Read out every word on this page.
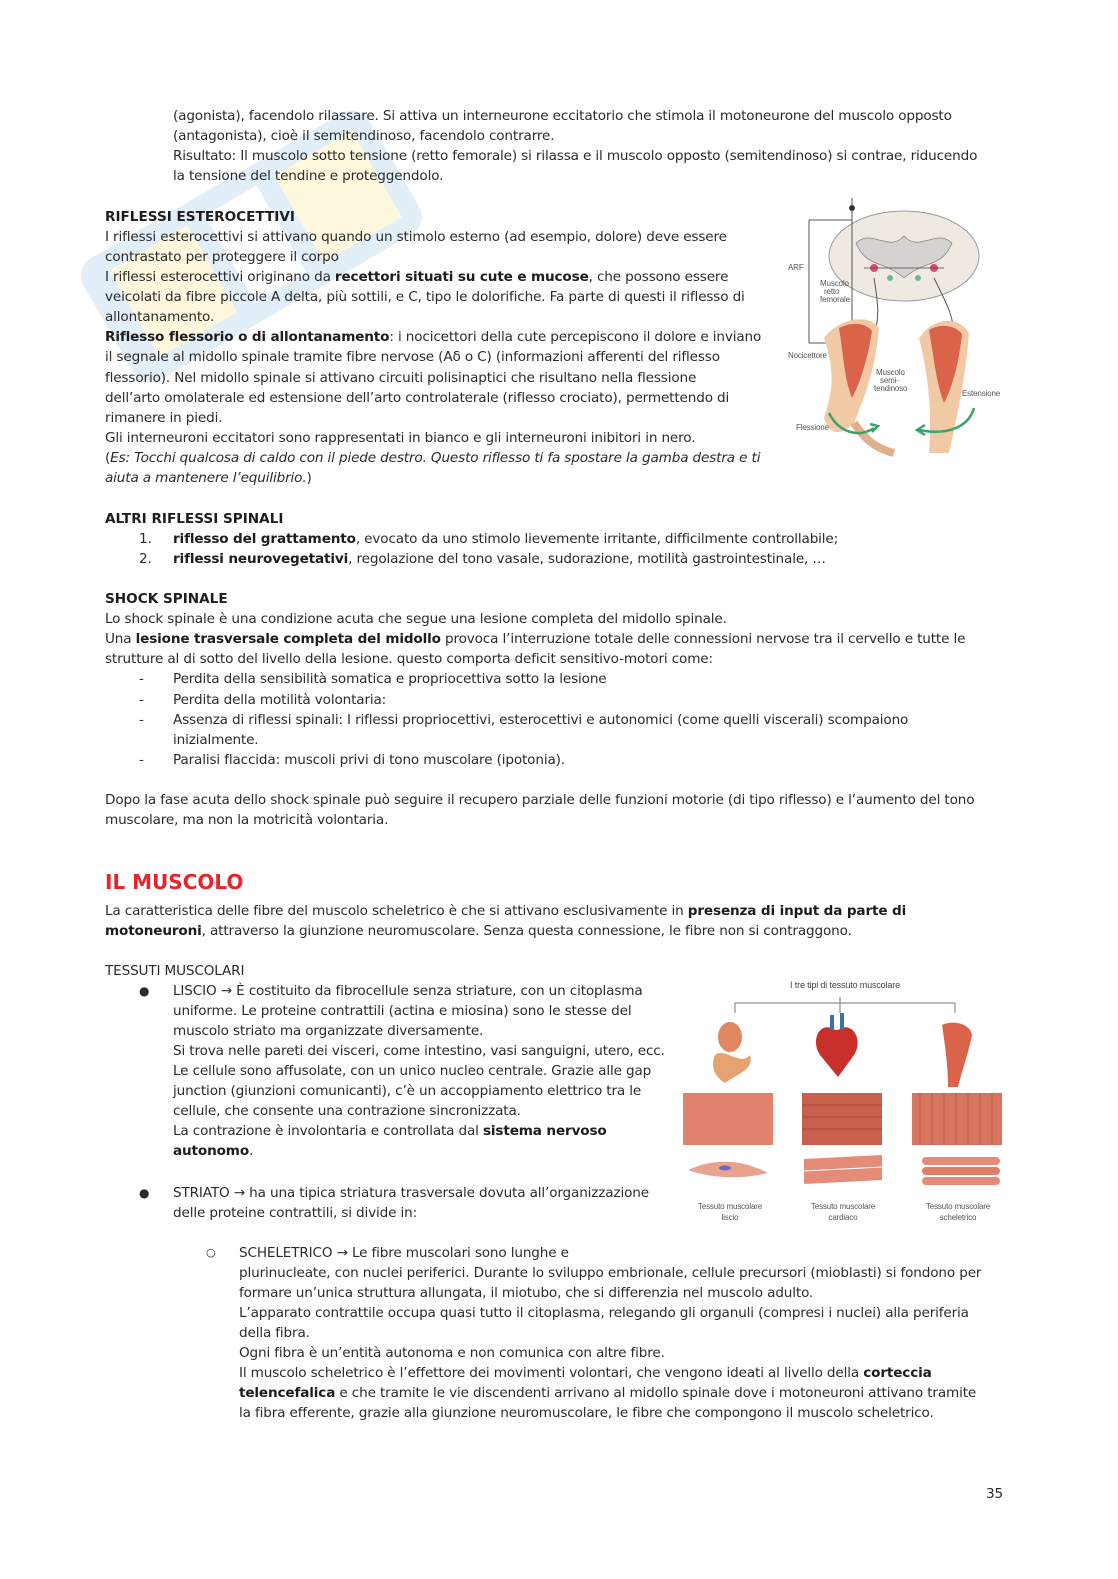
(agonista), facendolo rilassare. Si attiva un interneurone eccitatorio che stimola il motoneurone del muscolo opposto
(antagonista), cioè il semitendinoso, facendolo contrarre.
Risultato: Il muscolo sotto tensione (retto femorale) si rilassa e il muscolo opposto (semitendinoso) si contrae, riducendo
la tensione del tendine e proteggendolo.
RIFLESSI ESTEROCETTIVI
I riflessi esterocettivi si attivano quando un stimolo esterno (ad esempio, dolore) deve essere
contrastato per proteggere il corpo
I riflessi esterocettivi originano da recettori situati su cute e mucose, che possono essere
veicolati da fibre piccole A delta, più sottili, e C, tipo le dolorifiche. Fa parte di questi il riflesso di
allontanamento.
Riflesso flessorio o di allontanamento: i nocicettori della cute percepiscono il dolore e inviano
il segnale al midollo spinale tramite fibre nervose (Aδ o C) (informazioni afferenti del riflesso
flessorio). Nel midollo spinale si attivano circuiti polisinaptici che risultano nella flessione
dell’arto omolaterale ed estensione dell’arto controlaterale (riflesso crociato), permettendo di
rimanere in piedi.
Gli interneuroni eccitatori sono rappresentati in bianco e gli interneuroni inibitori in nero.
(Es: Tocchi qualcosa di caldo con il piede destro. Questo riflesso ti fa spostare la gamba destra e ti
aiuta a mantenere l’equilibrio.)
ARF
Muscolo
retto
femorale
Nocicettore
Muscolo
semi-
tendinoso
Flessione
Estensione
ALTRI RIFLESSI SPINALI
1. riflesso del grattamento, evocato da uno stimolo lievemente irritante, difficilmente controllabile;
2. riflessi neurovegetativi, regolazione del tono vasale, sudorazione, motilità gastrointestinale, …
SHOCK SPINALE
Lo shock spinale è una condizione acuta che segue una lesione completa del midollo spinale.
Una lesione trasversale completa del midollo provoca l’interruzione totale delle connessioni nervose tra il cervello e tutte le
strutture al di sotto del livello della lesione. questo comporta deficit sensitivo-motori come:
- Perdita della sensibilità somatica e propriocettiva sotto la lesione
- Perdita della motilità volontaria:
- Assenza di riflessi spinali: I riflessi propriocettivi, esterocettivi e autonomici (come quelli viscerali) scompaiono
inizialmente.
- Paralisi flaccida: muscoli privi di tono muscolare (ipotonia).
Dopo la fase acuta dello shock spinale può seguire il recupero parziale delle funzioni motorie (di tipo riflesso) e l’aumento del tono
muscolare, ma non la motricità volontaria.
IL MUSCOLO
La caratteristica delle fibre del muscolo scheletrico è che si attivano esclusivamente in presenza di input da parte di
motoneuroni, attraverso la giunzione neuromuscolare. Senza questa connessione, le fibre non si contraggono.
TESSUTI MUSCOLARI
● LISCIO → È costituito da fibrocellule senza striature, con un citoplasma
uniforme. Le proteine contrattili (actina e miosina) sono le stesse del
muscolo striato ma organizzate diversamente.
Si trova nelle pareti dei visceri, come intestino, vasi sanguigni, utero, ecc.
Le cellule sono affusolate, con un unico nucleo centrale. Grazie alle gap
junction (giunzioni comunicanti), c’è un accoppiamento elettrico tra le
cellule, che consente una contrazione sincronizzata.
La contrazione è involontaria e controllata dal sistema nervoso
autonomo.
● STRIATO → ha una tipica striatura trasversale dovuta all’organizzazione
delle proteine contrattili, si divide in:
○ SCHELETRICO → Le fibre muscolari sono lunghe e
plurinucleate, con nuclei periferici. Durante lo sviluppo embrionale, cellule precursori (mioblasti) si fondono per
formare un’unica struttura allungata, il miotubo, che si differenzia nel muscolo adulto.
L’apparato contrattile occupa quasi tutto il citoplasma, relegando gli organuli (compresi i nuclei) alla periferia
della fibra.
Ogni fibra è un’entità autonoma e non comunica con altre fibre.
Il muscolo scheletrico è l’effettore dei movimenti volontari, che vengono ideati al livello della corteccia
telencefalica e che tramite le vie discendenti arrivano al midollo spinale dove i motoneuroni attivano tramite
la fibra efferente, grazie alla giunzione neuromuscolare, le fibre che compongono il muscolo scheletrico.
I tre tipi di tessuto muscolare
Tessuto muscolare
liscio
Tessuto muscolare
cardiaco
Tessuto muscolare
scheletrico
35
